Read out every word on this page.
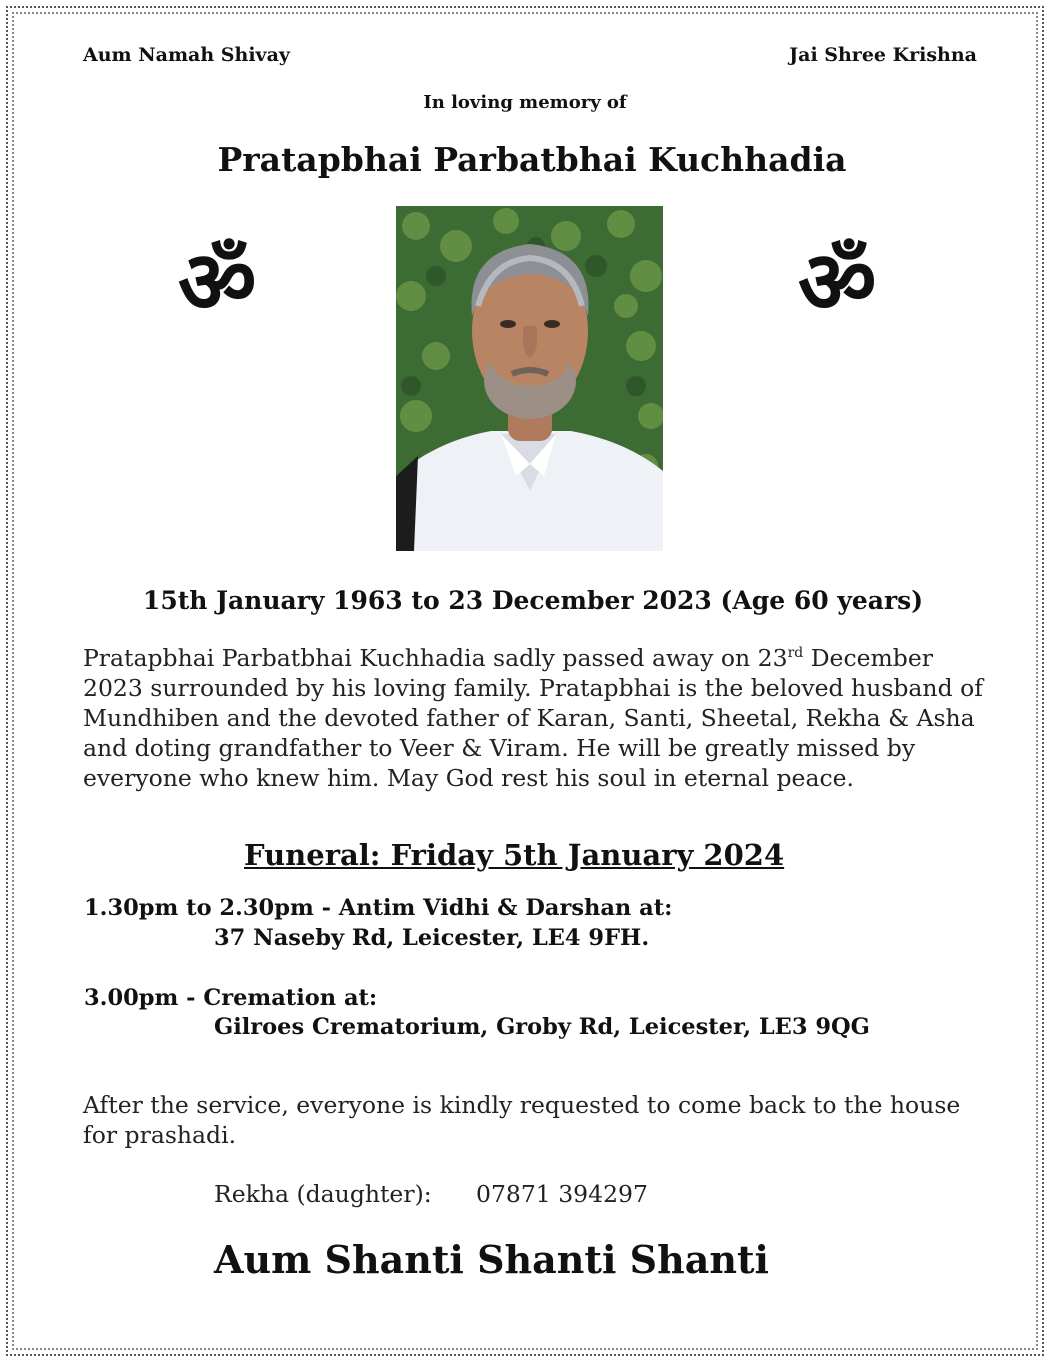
Aum Namah Shivay	Jai Shree Krishna
In loving memory of
Pratapbhai Parbatbhai Kuchhadia
ॐ	ॐ
15th January 1963 to 23 December 2023 (Age 60 years)
Pratapbhai Parbatbhai Kuchhadia sadly passed away on 23rd December 2023 surrounded by his loving family. Pratapbhai is the beloved husband of Mundhiben and the devoted father of Karan, Santi, Sheetal, Rekha & Asha and doting grandfather to Veer & Viram. He will be greatly missed by everyone who knew him. May God rest his soul in eternal peace.
Funeral: Friday 5th January 2024
1.30pm to 2.30pm - Antim Vidhi & Darshan at:
37 Naseby Rd, Leicester, LE4 9FH.
3.00pm - Cremation at:
Gilroes Crematorium, Groby Rd, Leicester, LE3 9QG
After the service, everyone is kindly requested to come back to the house for prashadi.
Rekha (daughter): 07871 394297
Aum Shanti Shanti Shanti
